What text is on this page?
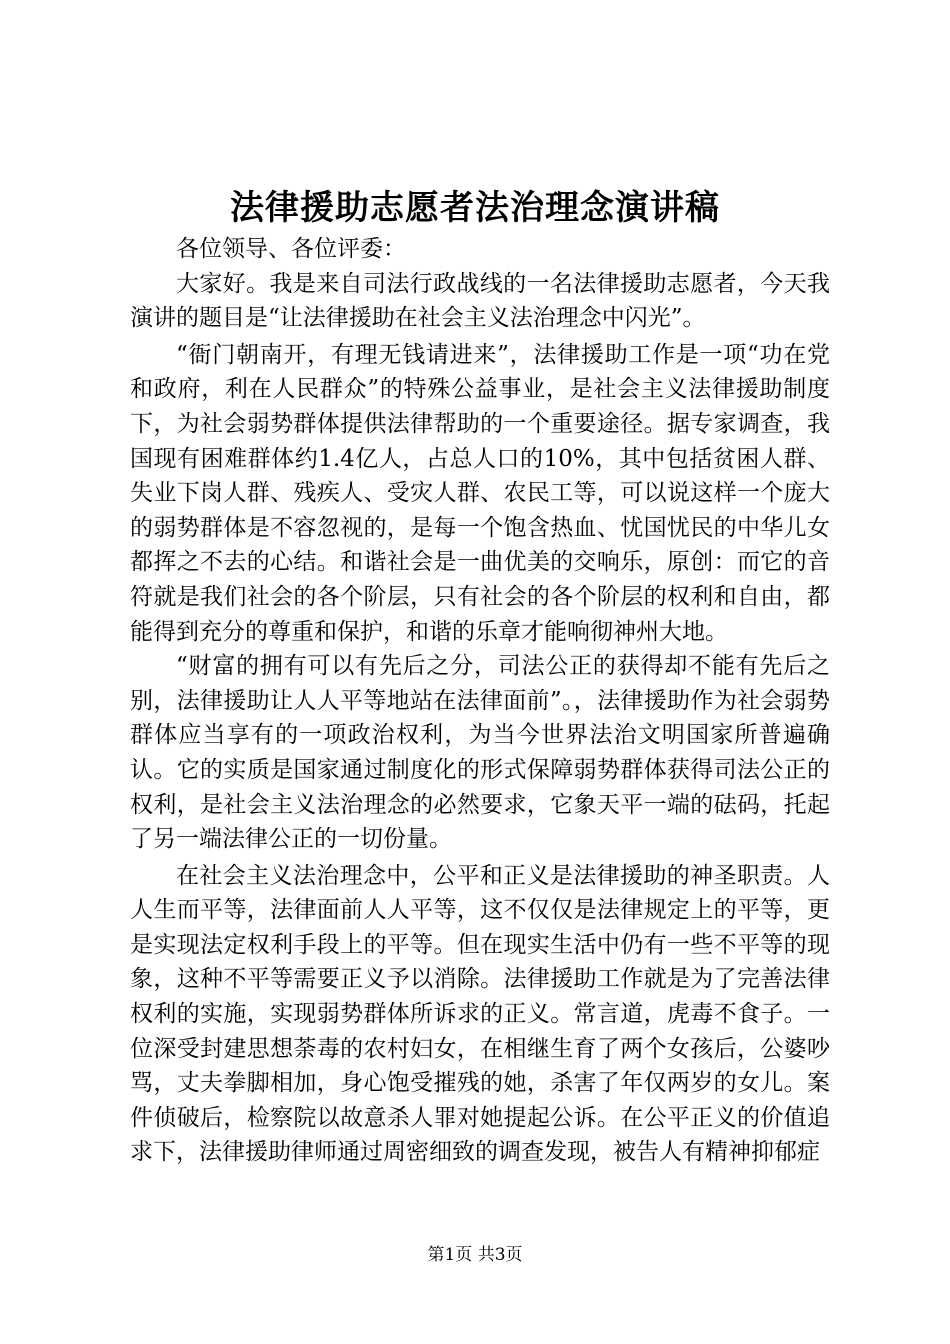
法律援助志愿者法治理念演讲稿

各位领导、各位评委：

大家好。我是来自司法行政战线的一名法律援助志愿者，今天我演讲的题目是“让法律援助在社会主义法治理念中闪光”。

“衙门朝南开，有理无钱请进来”，法律援助工作是一项“功在党和政府，利在人民群众”的特殊公益事业，是社会主义法律援助制度下，为社会弱势群体提供法律帮助的一个重要途径。据专家调查，我国现有困难群体约1.4亿人，占总人口的10%，其中包括贫困人群、失业下岗人群、残疾人、受灾人群、农民工等，可以说这样一个庞大的弱势群体是不容忽视的，是每一个饱含热血、忧国忧民的中华儿女都挥之不去的心结。和谐社会是一曲优美的交响乐，原创：而它的音符就是我们社会的各个阶层，只有社会的各个阶层的权利和自由，都能得到充分的尊重和保护，和谐的乐章才能响彻神州大地。

“财富的拥有可以有先后之分，司法公正的获得却不能有先后之别，法律援助让人人平等地站在法律面前”。，法律援助作为社会弱势群体应当享有的一项政治权利，为当今世界法治文明国家所普遍确认。它的实质是国家通过制度化的形式保障弱势群体获得司法公正的权利，是社会主义法治理念的必然要求，它象天平一端的砝码，托起了另一端法律公正的一切份量。

在社会主义法治理念中，公平和正义是法律援助的神圣职责。人人生而平等，法律面前人人平等，这不仅仅是法律规定上的平等，更是实现法定权利手段上的平等。但在现实生活中仍有一些不平等的现象，这种不平等需要正义予以消除。法律援助工作就是为了完善法律权利的实施，实现弱势群体所诉求的正义。常言道，虎毒不食子。一位深受封建思想荼毒的农村妇女，在相继生育了两个女孩后，公婆吵骂，丈夫拳脚相加，身心饱受摧残的她，杀害了年仅两岁的女儿。案件侦破后，检察院以故意杀人罪对她提起公诉。在公平正义的价值追求下，法律援助律师通过周密细致的调查发现，被告人有精神抑郁症

第1页 共3页
